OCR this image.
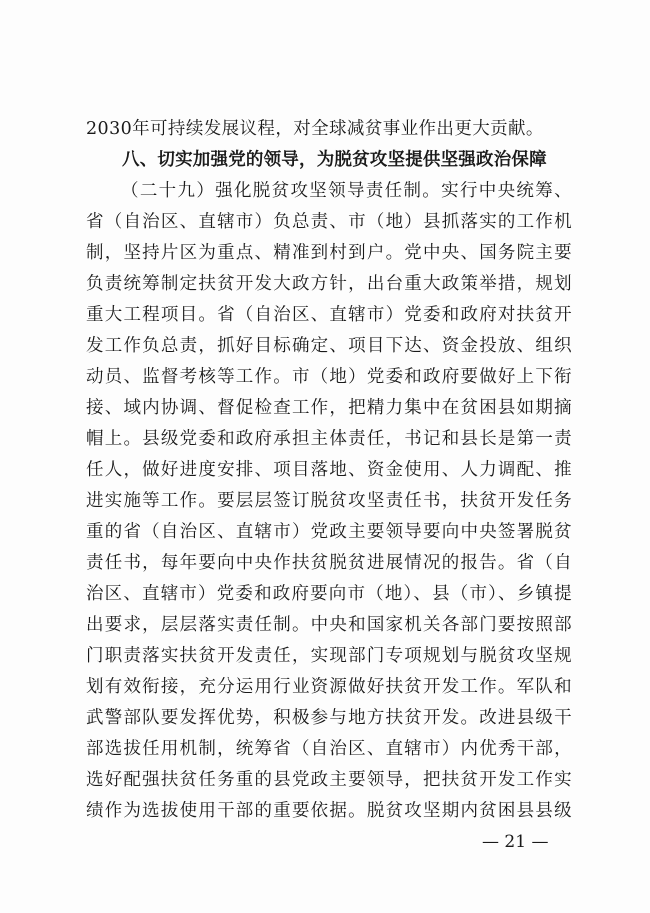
2030年可持续发展议程，对全球减贫事业作出更大贡献。
八、切实加强党的领导，为脱贫攻坚提供坚强政治保障
（二十九）强化脱贫攻坚领导责任制。实行中央统筹、
省（自治区、直辖市）负总责、市（地）县抓落实的工作机
制，坚持片区为重点、精准到村到户。党中央、国务院主要
负责统筹制定扶贫开发大政方针，出台重大政策举措，规划
重大工程项目。省（自治区、直辖市）党委和政府对扶贫开
发工作负总责，抓好目标确定、项目下达、资金投放、组织
动员、监督考核等工作。市（地）党委和政府要做好上下衔
接、域内协调、督促检查工作，把精力集中在贫困县如期摘
帽上。县级党委和政府承担主体责任，书记和县长是第一责
任人，做好进度安排、项目落地、资金使用、人力调配、推
进实施等工作。要层层签订脱贫攻坚责任书，扶贫开发任务
重的省（自治区、直辖市）党政主要领导要向中央签署脱贫
责任书，每年要向中央作扶贫脱贫进展情况的报告。省（自
治区、直辖市）党委和政府要向市（地）、县（市）、乡镇提
出要求，层层落实责任制。中央和国家机关各部门要按照部
门职责落实扶贫开发责任，实现部门专项规划与脱贫攻坚规
划有效衔接，充分运用行业资源做好扶贫开发工作。军队和
武警部队要发挥优势，积极参与地方扶贫开发。改进县级干
部选拔任用机制，统筹省（自治区、直辖市）内优秀干部，
选好配强扶贫任务重的县党政主要领导，把扶贫开发工作实
绩作为选拔使用干部的重要依据。脱贫攻坚期内贫困县县级
— 21 —
